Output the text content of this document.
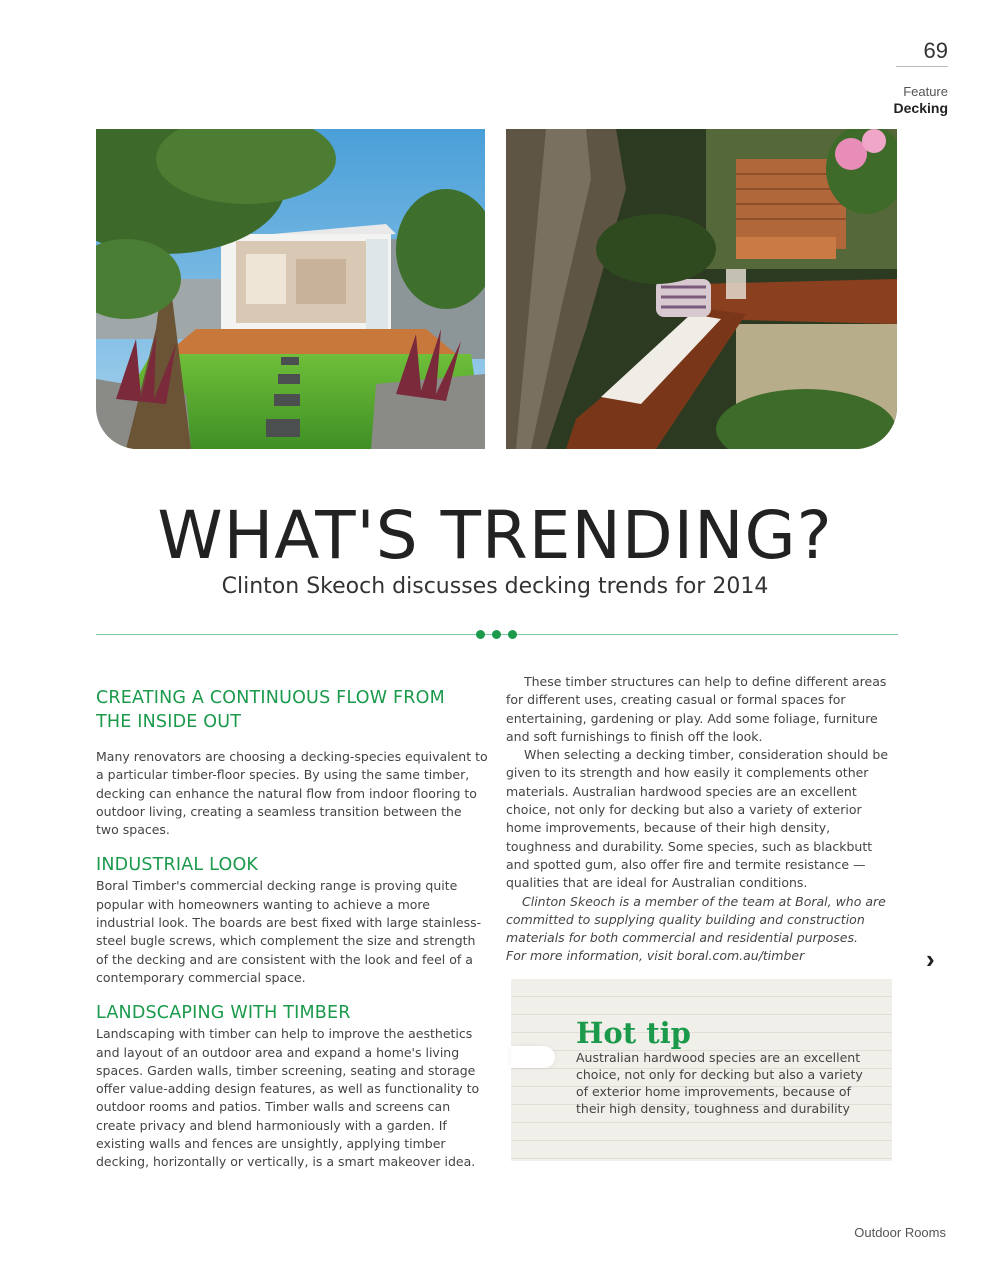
69
Feature
Decking
WHAT'S TRENDING?
Clinton Skeoch discusses decking trends for 2014
CREATING A CONTINUOUS FLOW FROM
THE INSIDE OUT

Many renovators are choosing a decking-species equivalent to a particular timber-floor species. By using the same timber, decking can enhance the natural flow from indoor flooring to outdoor living, creating a seamless transition between the two spaces.

INDUSTRIAL LOOK

Boral Timber's commercial decking range is proving quite popular with homeowners wanting to achieve a more industrial look. The boards are best fixed with large stainless-steel bugle screws, which complement the size and strength of the decking and are consistent with the look and feel of a contemporary commercial space.

LANDSCAPING WITH TIMBER

Landscaping with timber can help to improve the aesthetics and layout of an outdoor area and expand a home's living spaces. Garden walls, timber screening, seating and storage offer value-adding design features, as well as functionality to outdoor rooms and patios. Timber walls and screens can create privacy and blend harmoniously with a garden. If existing walls and fences are unsightly, applying timber decking, horizontally or vertically, is a smart makeover idea.

These timber structures can help to define different areas for different uses, creating casual or formal spaces for entertaining, gardening or play. Add some foliage, furniture and soft furnishings to finish off the look.

When selecting a decking timber, consideration should be given to its strength and how easily it complements other materials. Australian hardwood species are an excellent choice, not only for decking but also a variety of exterior home improvements, because of their high density, toughness and durability. Some species, such as blackbutt and spotted gum, also offer fire and termite resistance — qualities that are ideal for Australian conditions.

Clinton Skeoch is a member of the team at Boral, who are committed to supplying quality building and construction materials for both commercial and residential purposes.

For more information, visit boral.com.au/timber	›
Hot tip
Australian hardwood species are an excellent choice, not only for decking but also a variety of exterior home improvements, because of their high density, toughness and durability
Outdoor Rooms
